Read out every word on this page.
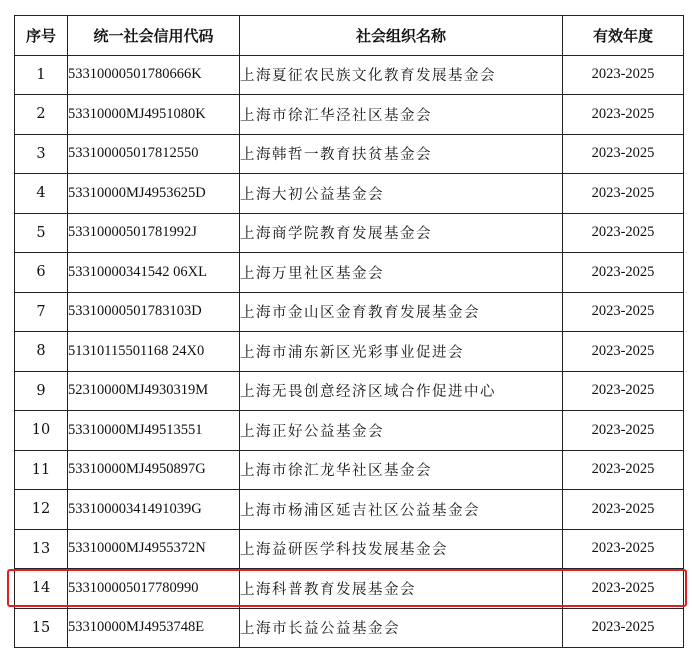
序号	统一社会信用代码	社会组织名称	有效年度
1	53310000501780666K	上海夏征农民族文化教育发展基金会	2023-2025
2	53310000MJ4951080K	上海市徐汇华泾社区基金会	2023-2025
3	533100005017812550	上海韩哲一教育扶贫基金会	2023-2025
4	53310000MJ4953625D	上海大初公益基金会	2023-2025
5	53310000501781992J	上海商学院教育发展基金会	2023-2025
6	53310000341542 06XL	上海万里社区基金会	2023-2025
7	53310000501783103D	上海市金山区金育教育发展基金会	2023-2025
8	51310115501168 24X0	上海市浦东新区光彩事业促进会	2023-2025
9	52310000MJ4930319M	上海无畏创意经济区域合作促进中心	2023-2025
10	53310000MJ49513551	上海正好公益基金会	2023-2025
11	53310000MJ4950897G	上海市徐汇龙华社区基金会	2023-2025
12	53310000341491039G	上海市杨浦区延吉社区公益基金会	2023-2025
13	53310000MJ4955372N	上海益研医学科技发展基金会	2023-2025
14	533100005017780990	上海科普教育发展基金会	2023-2025
15	53310000MJ4953748E	上海市长益公益基金会	2023-2025
